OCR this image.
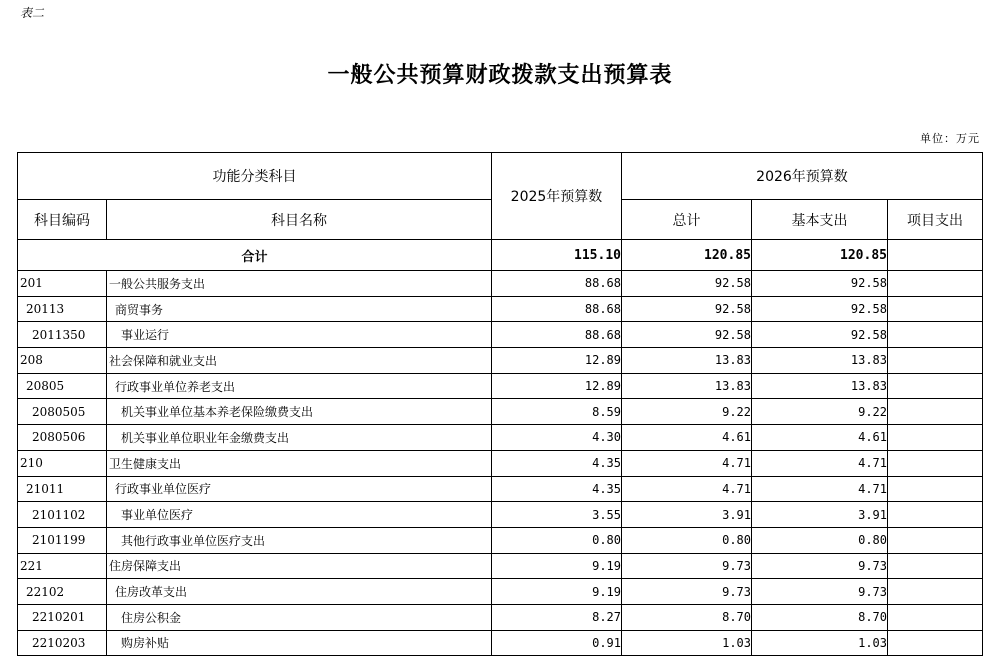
表二
一般公共预算财政拨款支出预算表
单位：万元
功能分类科目		2025年预算数	2026年预算数		
科目编码	科目名称		总计	基本支出	项目支出
合计		115.10	120.85	120.85	
201	一般公共服务支出	88.68	92.58	92.58	
20113	商贸事务	88.68	92.58	92.58	
2011350	事业运行	88.68	92.58	92.58	
208	社会保障和就业支出	12.89	13.83	13.83	
20805	行政事业单位养老支出	12.89	13.83	13.83	
2080505	机关事业单位基本养老保险缴费支出	8.59	9.22	9.22	
2080506	机关事业单位职业年金缴费支出	4.30	4.61	4.61	
210	卫生健康支出	4.35	4.71	4.71	
21011	行政事业单位医疗	4.35	4.71	4.71	
2101102	事业单位医疗	3.55	3.91	3.91	
2101199	其他行政事业单位医疗支出	0.80	0.80	0.80	
221	住房保障支出	9.19	9.73	9.73	
22102	住房改革支出	9.19	9.73	9.73	
2210201	住房公积金	8.27	8.70	8.70	
2210203	购房补贴	0.91	1.03	1.03	
